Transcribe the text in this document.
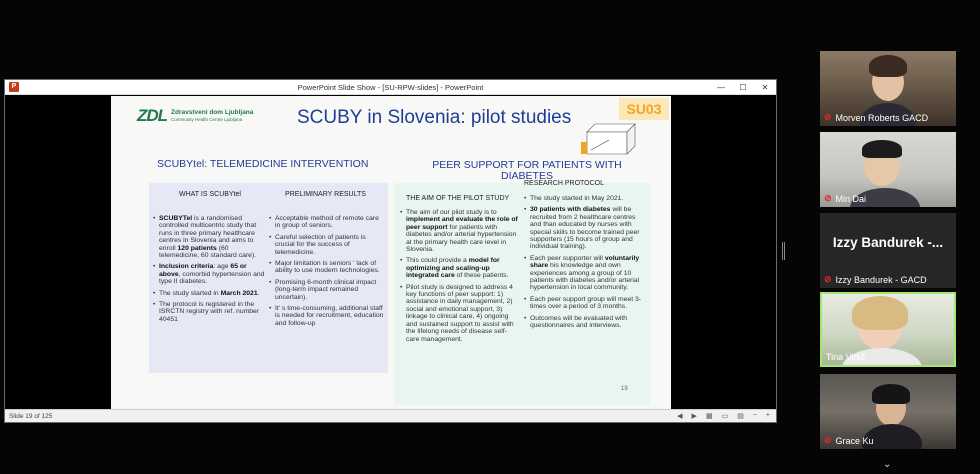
P	PowerPoint Slide Show - [SU-RPW-slides] - PowerPoint	—	☐	✕
ZDL Zdravstveni dom Ljubljana
Community Health Centre Ljubljana	SCUBY in Slovenia: pilot studies	SU03
SCUBYtel: TELEMEDICINE INTERVENTION
WHAT IS SCUBYtel	PRELIMINARY RESULTS
• SCUBYTel is a randomised controlled multicentric study that runs in three primary healthcare centres in Slovenia and aims to enroll 120 patients (60 telemedicine, 60 standard care).
• Inclusion criteria: age 65 or above, comorbid hypertension and type II diabetes.
• The study started in March 2021.
• The protocol is registered in the ISRCTN registry with ref. number 40451
• Acceptable method of remote care in group of seniors.
• Careful selection of patients is crucial for the success of telemedicine.
• Major limitation is seniors ' lack of ability to use modern technologies.
• Promising 6-month clinical impact (long-term impact remained uncertain).
• It' s time-consuming, additional staff is needed for recruitment, education and follow-up
PEER SUPPORT FOR PATIENTS WITH
DIABETES
RESEARCH PROTOCOL
THE AIM OF THE PILOT STUDY
• The aim of our pilot study is to implement and evaluate the role of peer support for patients with diabetes and/or arterial hypertension at the primary health care level in Slovenia.
• This could provide a model for optimizing and scaling-up integrated care of these patients.
• Pilot study is designed to address 4 key functions of peer support: 1) assistance in daily management, 2) social and emotional support, 3) linkage to clinical care, 4) ongoing and sustained support to assist with the lifelong needs of disease self-care management.
• The study started in May 2021.
• 30 patients with diabetes will be recruited from 2 healthcare centres and than educated by nurses with special skills to become trained peer supporters (15 hours of group and individual training).
• Each peer supporter will voluntarily share his knowledge and own experiences among a group of 10 patients with diabetes and/or arterial hypertension in local community.
• Each peer support group will meet 3-times over a period of 3 months.
• Outcomes will be evaluated with questionnaires and interviews.
19
Slide 19 of 125	◀ ▶ ▦ ▭ ▤ − +
⊘ Morven Roberts GACD
⊘ Min Dai
Izzy Bandurek -...
⊘ Izzy Bandurek - GACD
Tina Virtič
⊘ Grace Ku
⌄
